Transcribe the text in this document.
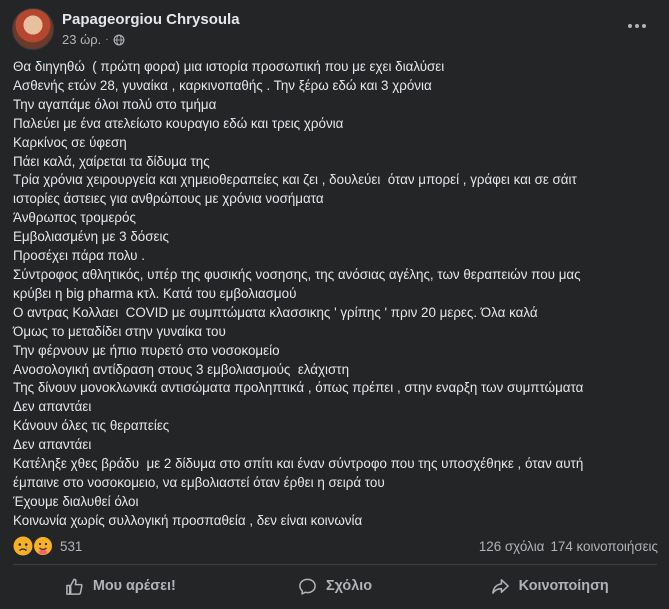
Papageorgiou Chrysoula
23 ώρ. ·
Θα διηγηθώ  ( πρώτη φορα) μια ιστορία προσωπική που με εχει διαλύσει
Ασθενής ετών 28, γυναίκα , καρκινοπαθής . Την ξέρω εδώ και 3 χρόνια
Την αγαπάμε όλοι πολύ στο τμήμα
Παλεύει με ένα ατελείωτο κουραγιο εδώ και τρεις χρόνια
Καρκίνος σε ύφεση
Πάει καλά, χαίρεται τα δίδυμα της
Τρία χρόνια χειρουργεία και χημειοθεραπείες και ζει , δουλεύει  όταν μπορεί , γράφει και σε σάιτ
ιστορίες άστειες για ανθρώπους με χρόνια νοσήματα
Άνθρωπος τρομερός
Εμβολιασμένη με 3 δόσεις
Προσέχει πάρα πολυ .
Σύντροφος αθλητικός, υπέρ της φυσικής νοσησης, της ανόσιας αγέλης, των θεραπειών που μας
κρύβει η big pharma κτλ. Κατά του εμβολιασμού
Ο αντρας Κολλαει  COVID με συμπτώματα κλασσικης ' γρίπης ' πριν 20 μερες. Όλα καλά
Όμως το μεταδίδει στην γυναίκα του
Την φέρνουν με ήπιο πυρετό στο νοσοκομείο
Ανοσολογική αντίδραση στους 3 εμβολιασμούς  ελάχιστη
Της δίνουν μονοκλωνικά αντισώματα προληπτικά , όπως πρέπει , στην εναρξη των συμπτώματα
Δεν απαντάει
Κάνουν όλες τις θεραπείες
Δεν απαντάει
Κατέληξε χθες βράδυ  με 2 δίδυμα στο σπίτι και έναν σύντροφο που της υποσχέθηκε , όταν αυτή
έμπαινε στο νοσοκομειο, να εμβολιαστεί όταν έρθει η σειρά του
Έχουμε διαλυθεί όλοι
Κοινωνία χωρίς συλλογική προσπαθεία , δεν είναι κοινωνία
531	126 σχόλια 174 κοινοποιήσεις
Μου αρέσει!	Σχόλιο	Κοινοποίηση
